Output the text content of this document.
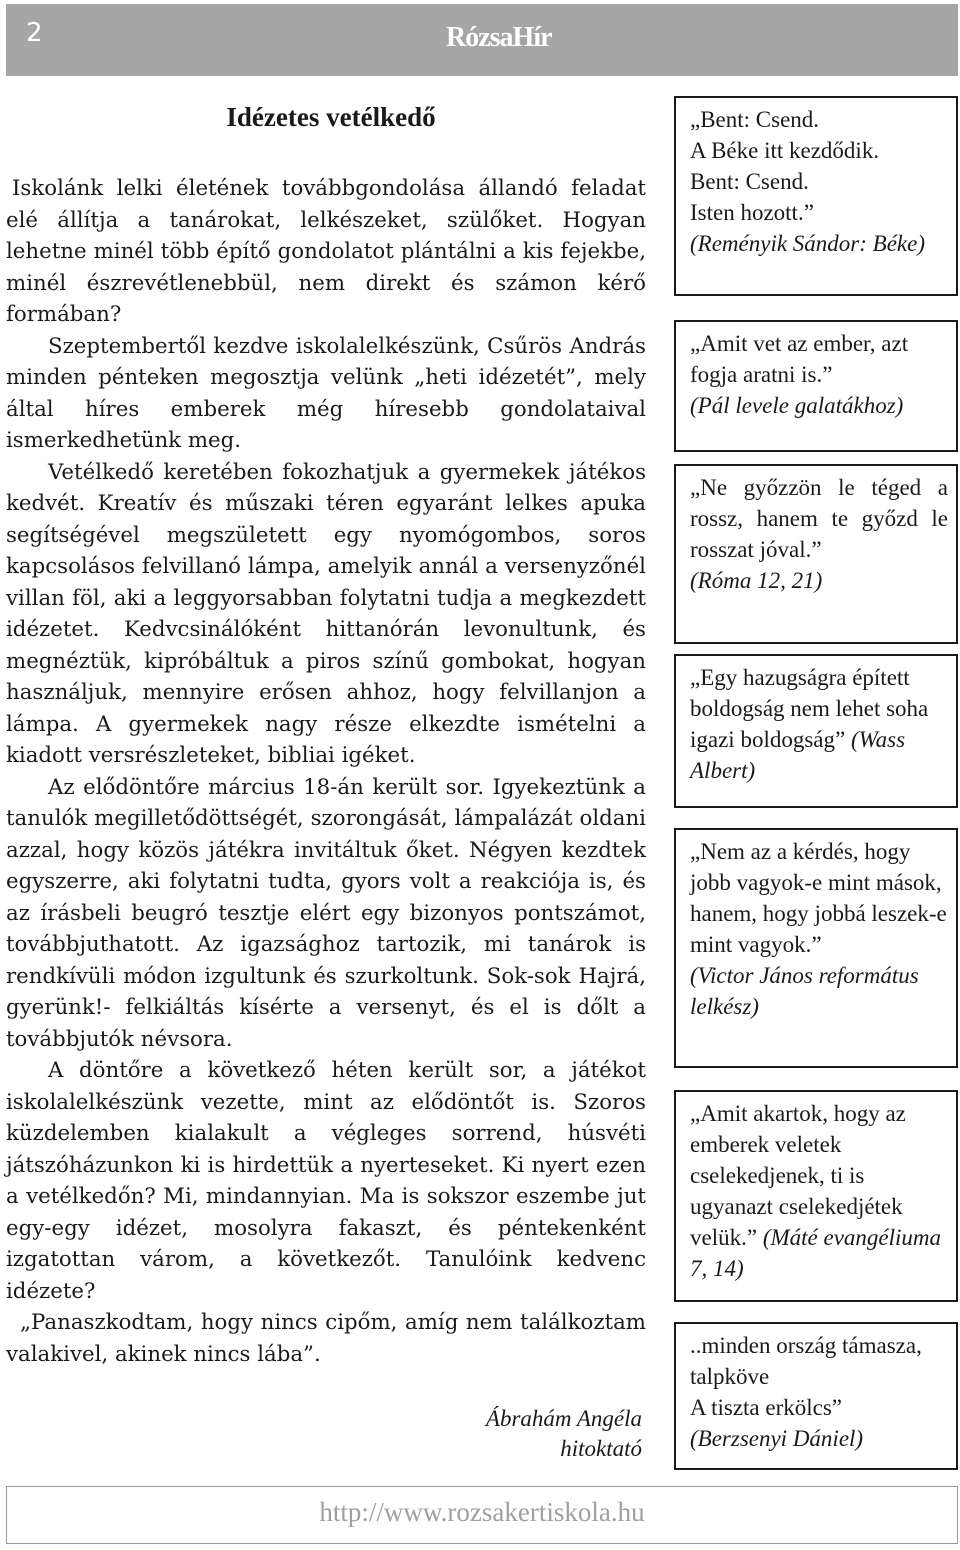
2	RózsaHír
Idézetes vetélkedő

Iskolánk lelki életének továbbgondolása állandó feladat elé állítja a tanárokat, lelkészeket, szülőket. Hogyan lehetne minél több építő gondolatot plántálni a kis fejekbe, minél észrevétlenebbül, nem direkt és számon kérő formában?

Szeptembertől kezdve iskolalelkészünk, Csűrös András minden pénteken megosztja velünk „heti idézetét”, mely által híres emberek még híresebb gondolataival ismerkedhetünk meg.

Vetélkedő keretében fokozhatjuk a gyermekek játékos kedvét. Kreatív és műszaki téren egyaránt lelkes apuka segítségével megszületett egy nyomógombos, soros kapcsolásos felvillanó lámpa, amelyik annál a versenyzőnél villan föl, aki a leggyorsabban folytatni tudja a megkezdett idézetet. Kedvcsinálóként hittanórán levonultunk, és megnéztük, kipróbáltuk a piros színű gombokat, hogyan használjuk, mennyire erősen ahhoz, hogy felvillanjon a lámpa. A gyermekek nagy része elkezdte ismételni a kiadott versrészleteket, bibliai igéket.

Az elődöntőre március 18-án került sor. Igyekeztünk a tanulók megilletődöttségét, szorongását, lámpalázát oldani azzal, hogy közös játékra invitáltuk őket. Négyen kezdtek egyszerre, aki folytatni tudta, gyors volt a reakciója is, és az írásbeli beugró tesztje elért egy bizonyos pontszámot, továbbjuthatott. Az igazsághoz tartozik, mi tanárok is rendkívüli módon izgultunk és szurkoltunk. Sok-sok Hajrá, gyerünk!- felkiáltás kísérte a versenyt, és el is dőlt a továbbjutók névsora.

A döntőre a következő héten került sor, a játékot iskolalelkészünk vezette, mint az elődöntőt is. Szoros küzdelemben kialakult a végleges sorrend, húsvéti játszóházunkon ki is hirdettük a nyerteseket. Ki nyert ezen a vetélkedőn? Mi, mindannyian. Ma is sokszor eszembe jut egy-egy idézet, mosolyra fakaszt, és péntekenként izgatottan várom, a következőt. Tanulóink kedvenc idézete?

„Panaszkodtam, hogy nincs cipőm, amíg nem találkoztam valakivel, akinek nincs lába”.

Ábrahám Angéla
hitoktató
„Bent: Csend.
A Béke itt kezdődik.
Bent: Csend.
Isten hozott.”
(Reményik Sándor: Béke)
„Amit vet az ember, azt fogja aratni is.”
(Pál levele galatákhoz)
„Ne győzzön le téged a rossz, hanem te győzd le rosszat jóval.”
(Róma 12, 21)
„Egy hazugságra épített boldogság nem lehet soha igazi boldogság” (Wass Albert)
„Nem az a kérdés, hogy jobb vagyok-e mint mások, hanem, hogy jobbá leszek-e mint vagyok.”
(Victor János református lelkész)
„Amit akartok, hogy az emberek veletek cselekedjenek, ti is ugyanazt cselekedjétek velük.” (Máté evangéliuma 7, 14)
..minden ország támasza, talpköve
A tiszta erkölcs”
(Berzsenyi Dániel)
http://www.rozsakertiskola.hu
